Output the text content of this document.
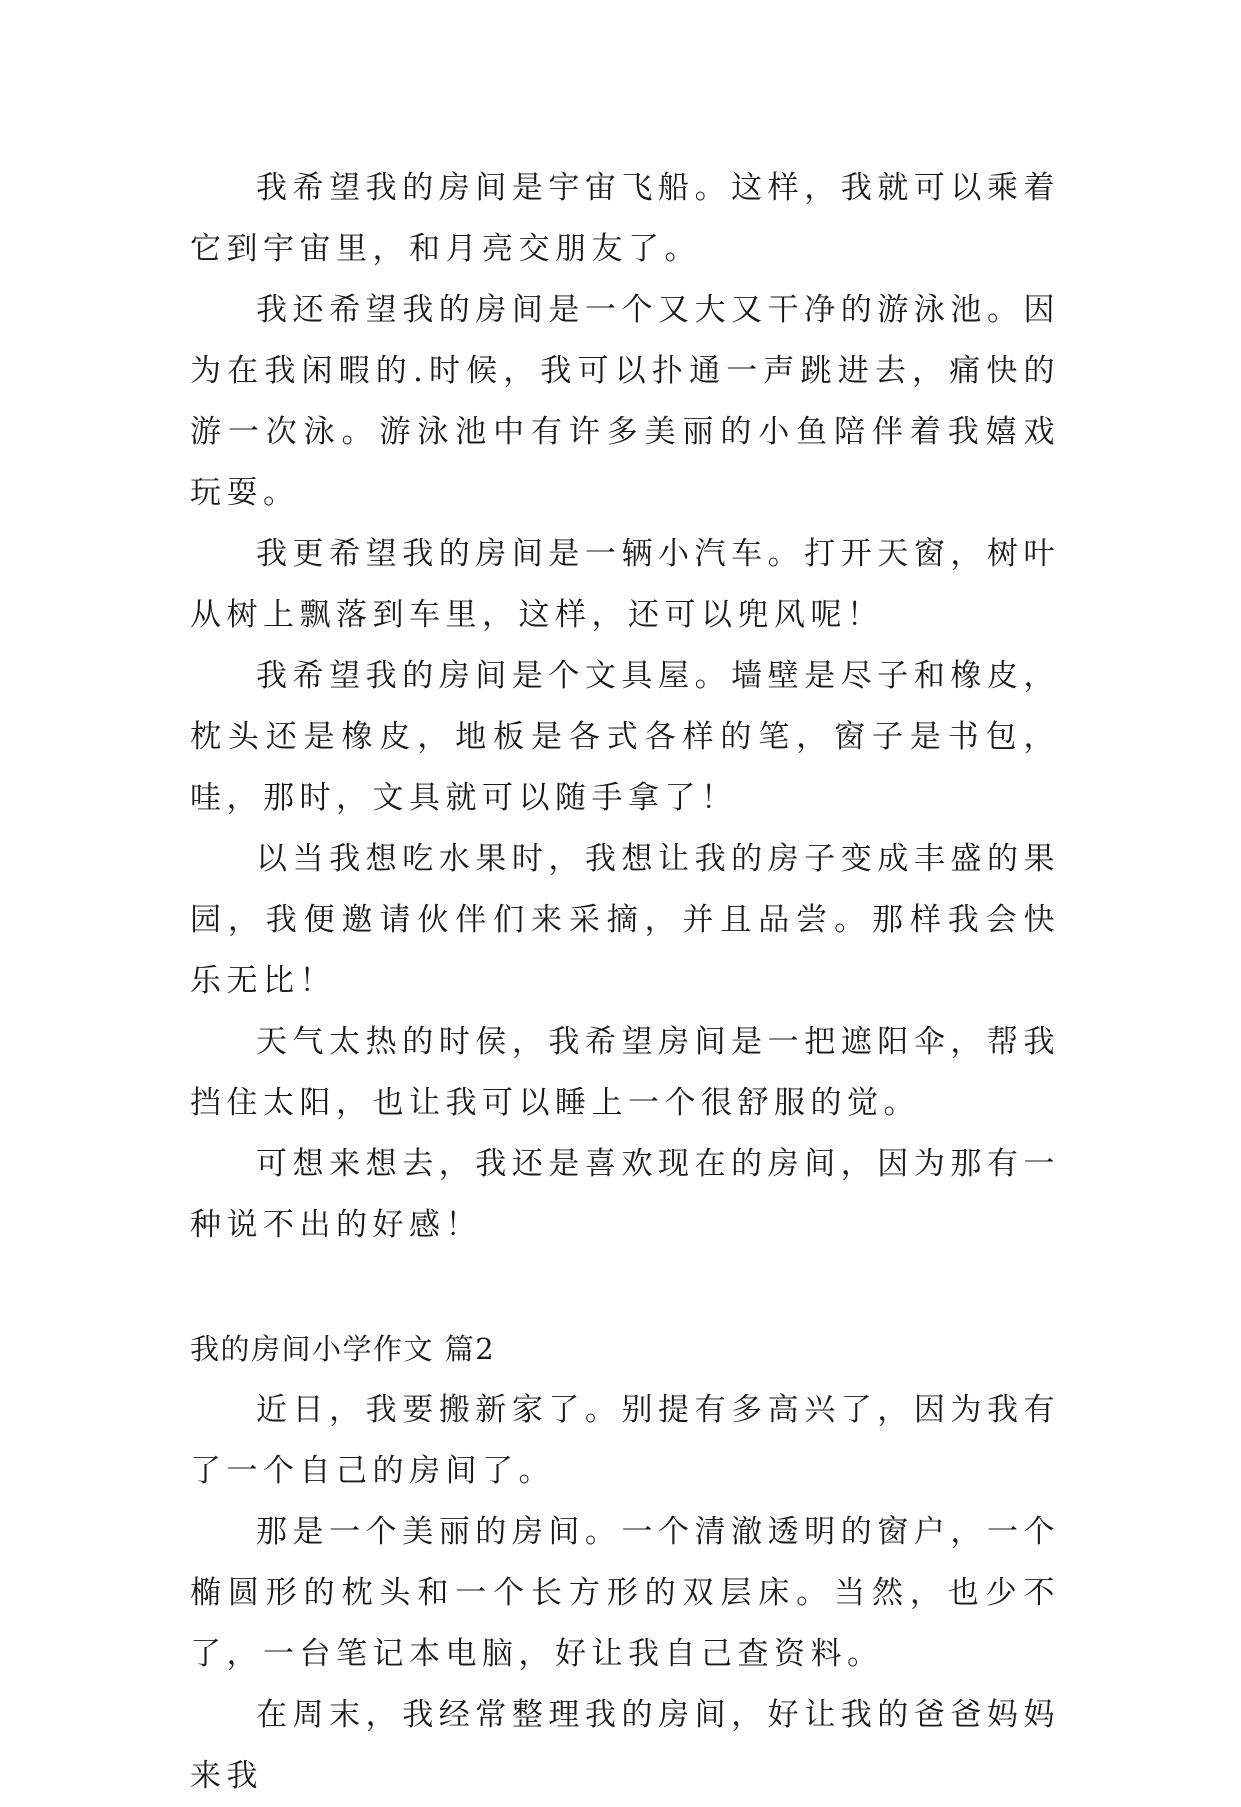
我希望我的房间是宇宙飞船。这样，我就可以乘着它到宇宙里，和月亮交朋友了。

我还希望我的房间是一个又大又干净的游泳池。因为在我闲暇的.时候，我可以扑通一声跳进去，痛快的游一次泳。游泳池中有许多美丽的小鱼陪伴着我嬉戏玩耍。

我更希望我的房间是一辆小汽车。打开天窗，树叶从树上飘落到车里，这样，还可以兜风呢！

我希望我的房间是个文具屋。墙壁是尽子和橡皮，枕头还是橡皮，地板是各式各样的笔，窗子是书包，哇，那时，文具就可以随手拿了！

以当我想吃水果时，我想让我的房子变成丰盛的果园，我便邀请伙伴们来采摘，并且品尝。那样我会快乐无比！

天气太热的时侯，我希望房间是一把遮阳伞，帮我挡住太阳，也让我可以睡上一个很舒服的觉。

可想来想去，我还是喜欢现在的房间，因为那有一种说不出的好感！

我的房间小学作文 篇2

近日，我要搬新家了。别提有多高兴了，因为我有了一个自己的房间了。

那是一个美丽的房间。一个清澈透明的窗户，一个椭圆形的枕头和一个长方形的双层床。当然，也少不了，一台笔记本电脑，好让我自己查资料。

在周末，我经常整理我的房间，好让我的爸爸妈妈来我
